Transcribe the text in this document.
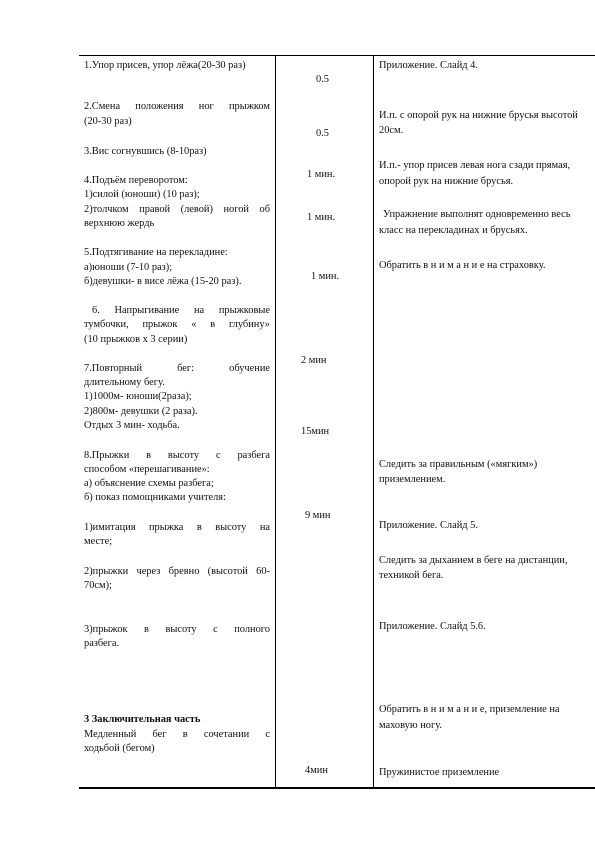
1.Упор присев, упор лёжа(20-30 раз)
2.Смена положения ног прыжком
(20-30 раз)
3.Вис согнувшись (8-10раз)
4.Подъём переворотом:
1)силой (юноши) (10 раз);
2)толчком правой (левой) ногой об
верхнюю жердь
5.Подтягивание на перекладине:
а)юноши (7-10 раз);
б)девушки- в висе лёжа (15-20 раз).
6. Напрыгивание на прыжковые
тумбочки, прыжок « в глубину»
(10 прыжков х 3 серии)
7.Повторный бег: обучение
длительному бегу.
1)1000м- юноши(2раза);
2)800м- девушки (2 раза).
Отдых 3 мин- ходьба.
8.Прыжки в высоту с разбега
способом «перешагивание»:
а) объяснение схемы разбега;
б) показ помощниками учителя:
1)имитация прыжка в высоту на
месте;
2)прыжки через бревно (высотой 60-
70см);
3)прыжок в высоту с полного
разбега.
3 Заключительная часть
Медленный бег в сочетании с
ходьбой (бегом)
0.5
0.5
1 мин.
1 мин.
1 мин.
2 мин
15мин
9 мин
4мин
Приложение. Слайд 4.
И.п. с опорой рук на нижние брусья высотой
20см.
И.п.- упор присев левая нога сзади прямая,
опорой рук на нижние брусья.
Упражнение выполнят одновременно весь
класс на перекладинах и брусьях.
Обратить в н и м а н и е на страховку.
Следить за правильным («мягким»)
приземлением.
Приложение. Слайд 5.
Следить за дыханием в беге на дистанции,
техникой бега.
Приложение. Слайд 5.6.
Обратить в н и м а н и е, приземление на
маховую ногу.
Пружинистое приземление
